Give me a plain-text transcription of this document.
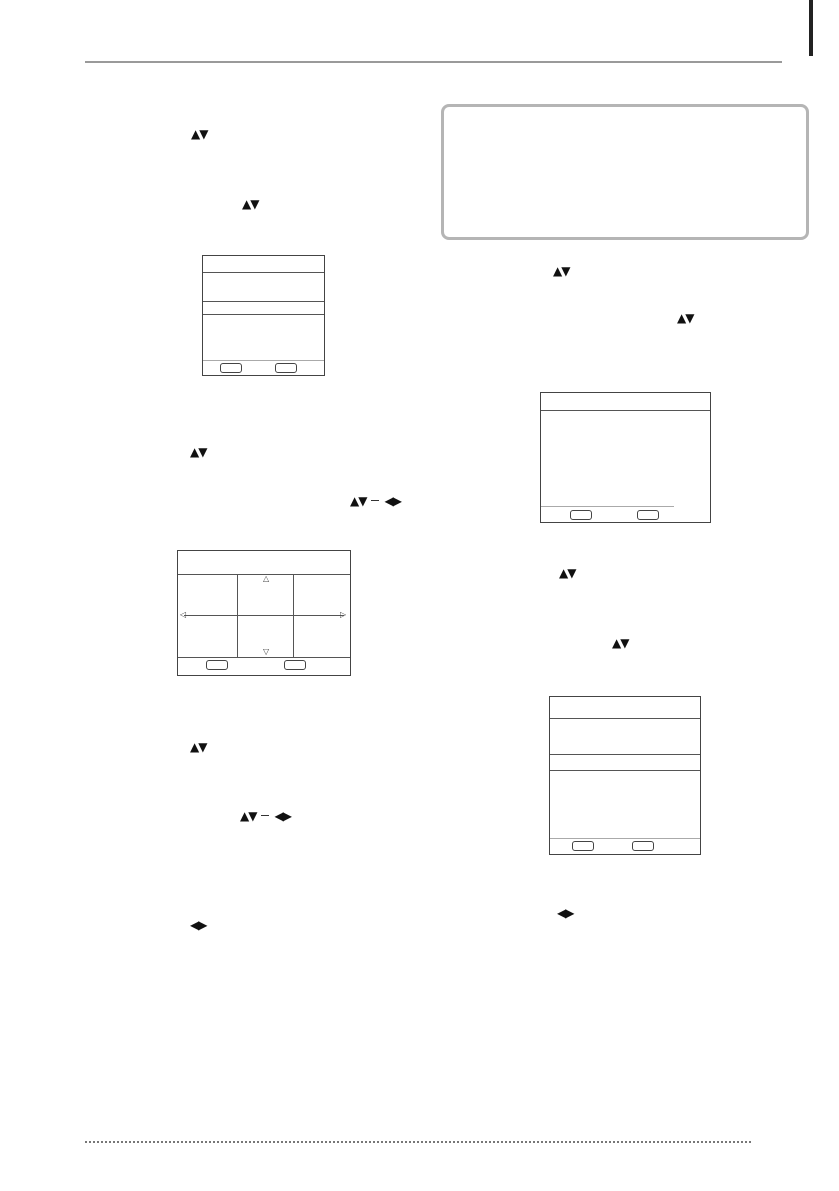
▲▼
▲▼
▲▼
▲▼ ◀▶
△
▽
◁	▷
▲▼
▲▼ ◀▶
◀▶
▲▼
▲▼
▲▼
▲▼
◀▶
